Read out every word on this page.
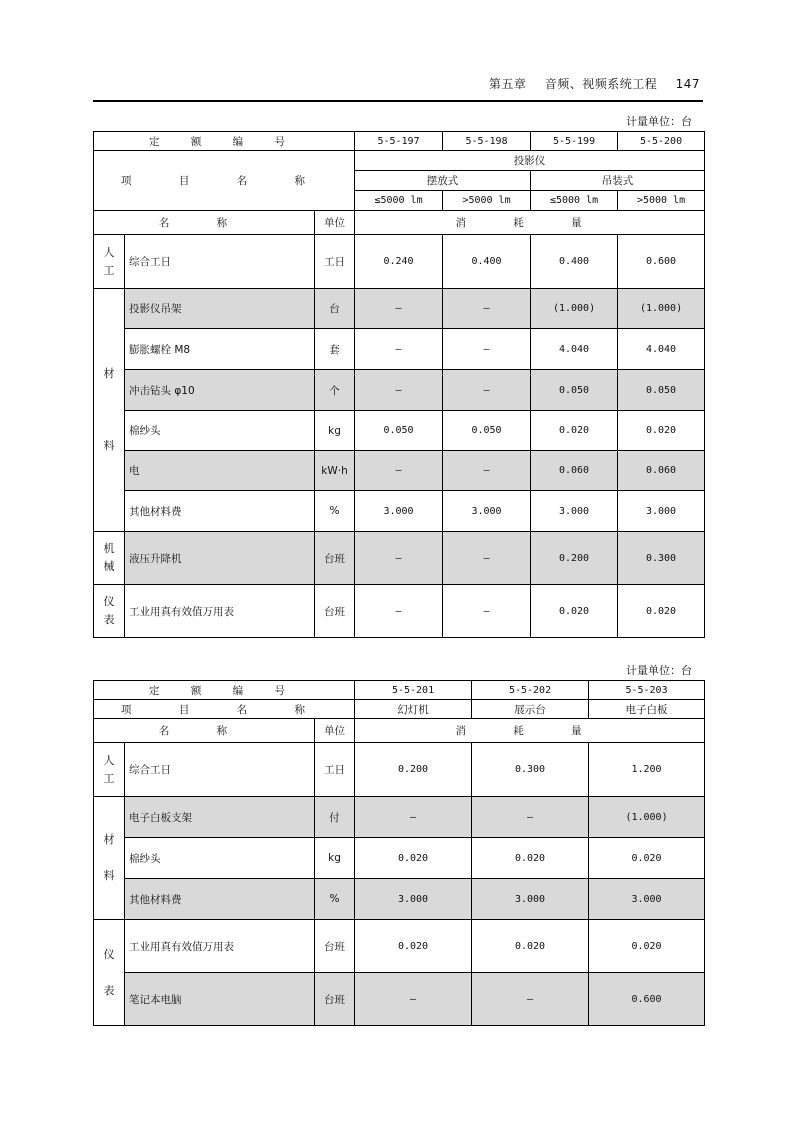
第五章 音频、视频系统工程 147
计量单位：台
定 额 编 号			5-5-197	5-5-198	5-5-199	5-5-200
项 目 名 称			投影仪			
			摆放式		吊装式	
			≤5000 lm	>5000 lm	≤5000 lm	>5000 lm
名 称		单位	消 耗 量			
人
工	综合工日	工日	0.240	0.400	0.400	0.600
材

料	投影仪吊架	台	—	—	(1.000)	(1.000)
	膨胀螺栓 M8	套	—	—	4.040	4.040
	冲击钻头 φ10	个	—	—	0.050	0.050
	棉纱头	kg	0.050	0.050	0.020	0.020
	电	kW·h	—	—	0.060	0.060
	其他材料费	%	3.000	3.000	3.000	3.000
机
械	液压升降机	台班	—	—	0.200	0.300
仪
表	工业用真有效值万用表	台班	—	—	0.020	0.020
计量单位：台
定 额 编 号			5-5-201	5-5-202	5-5-203
项 目 名 称			幻灯机	展示台	电子白板
名 称		单位	消 耗 量		
人
工	综合工日	工日	0.200	0.300	1.200
材

料	电子白板支架	付	—	—	(1.000)
	棉纱头	kg	0.020	0.020	0.020
	其他材料费	%	3.000	3.000	3.000
仪

表	工业用真有效值万用表	台班	0.020	0.020	0.020
	笔记本电脑	台班	—	—	0.600
